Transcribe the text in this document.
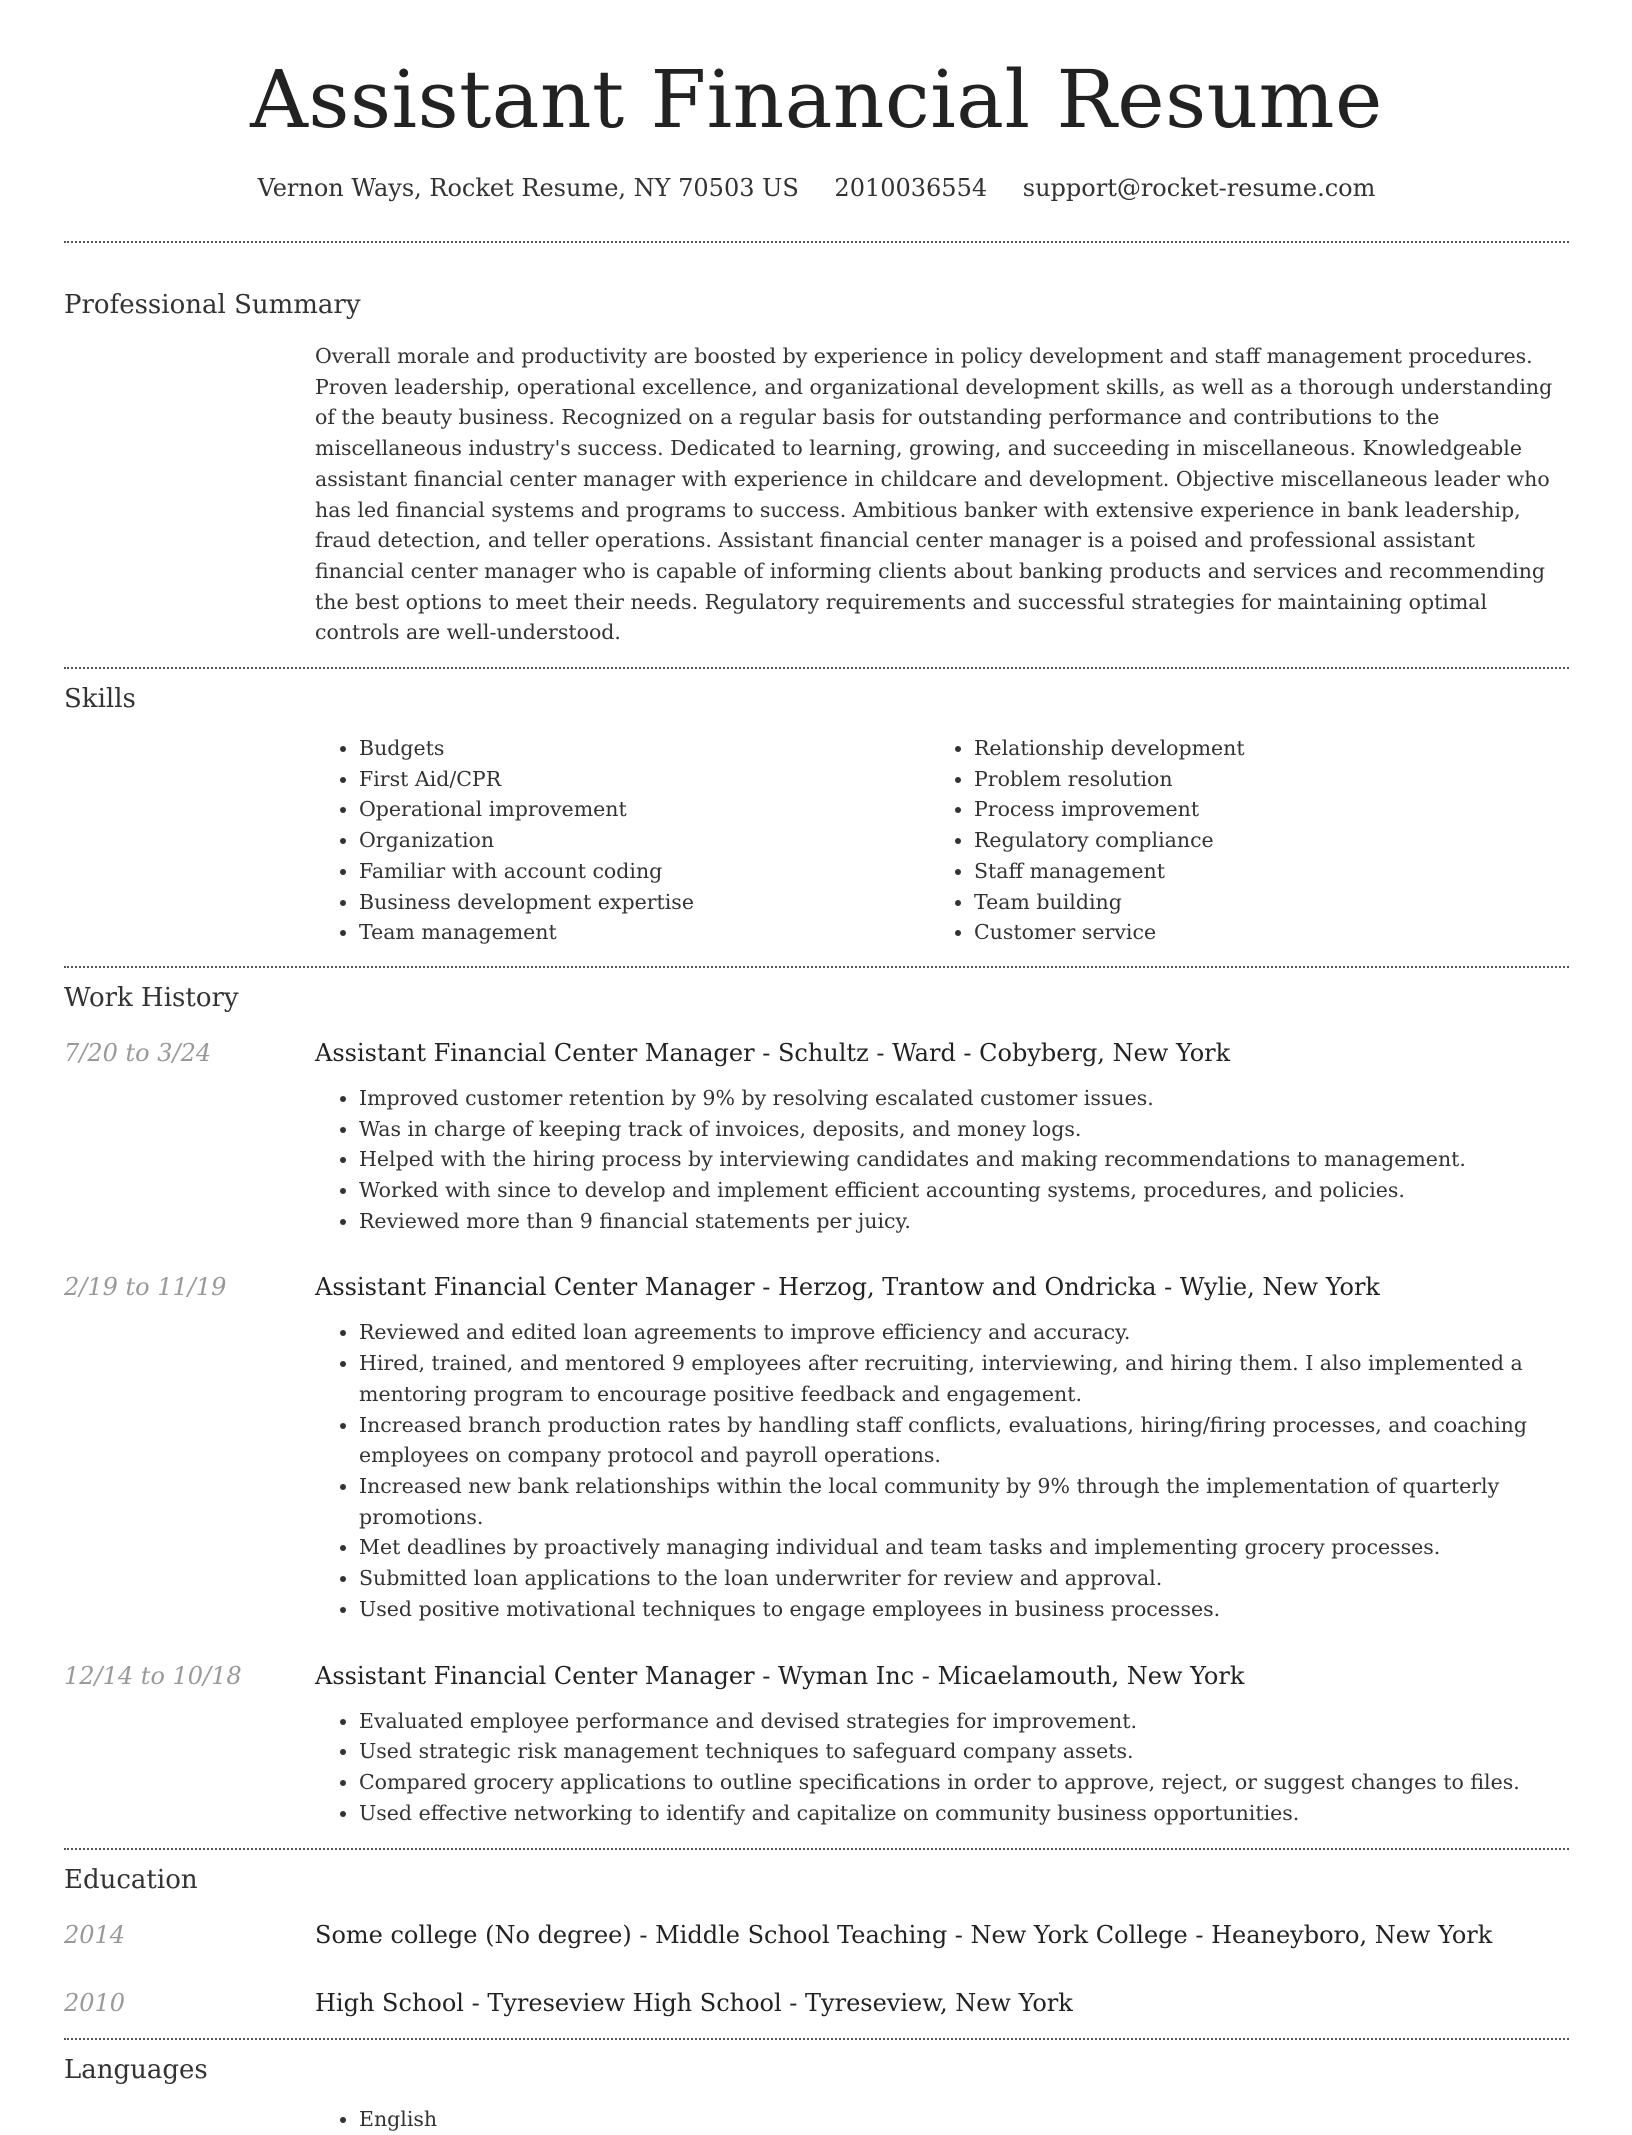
Assistant Financial Resume
Vernon Ways, Rocket Resume, NY 70503 US 2010036554 support@rocket-resume.com
Professional Summary

Overall morale and productivity are boosted by experience in policy development and staff management procedures. Proven leadership, operational excellence, and organizational development skills, as well as a thorough understanding of the beauty business. Recognized on a regular basis for outstanding performance and contributions to the miscellaneous industry's success. Dedicated to learning, growing, and succeeding in miscellaneous. Knowledgeable assistant financial center manager with experience in childcare and development. Objective miscellaneous leader who has led financial systems and programs to success. Ambitious banker with extensive experience in bank leadership, fraud detection, and teller operations. Assistant financial center manager is a poised and professional assistant financial center manager who is capable of informing clients about banking products and services and recommending the best options to meet their needs. Regulatory requirements and successful strategies for maintaining optimal controls are well-understood.

Skills
• Budgets
• First Aid/CPR
• Operational improvement
• Organization
• Familiar with account coding
• Business development expertise
• Team management
• Relationship development
• Problem resolution
• Process improvement
• Regulatory compliance
• Staff management
• Team building
• Customer service
Work History
7/20 to 3/24	Assistant Financial Center Manager - Schultz - Ward - Cobyberg, New York
• Improved customer retention by 9% by resolving escalated customer issues.
• Was in charge of keeping track of invoices, deposits, and money logs.
• Helped with the hiring process by interviewing candidates and making recommendations to management.
• Worked with since to develop and implement efficient accounting systems, procedures, and policies.
• Reviewed more than 9 financial statements per juicy.
2/19 to 11/19	Assistant Financial Center Manager - Herzog, Trantow and Ondricka - Wylie, New York
• Reviewed and edited loan agreements to improve efficiency and accuracy.
• Hired, trained, and mentored 9 employees after recruiting, interviewing, and hiring them. I also implemented a mentoring program to encourage positive feedback and engagement.
• Increased branch production rates by handling staff conflicts, evaluations, hiring/firing processes, and coaching employees on company protocol and payroll operations.
• Increased new bank relationships within the local community by 9% through the implementation of quarterly promotions.
• Met deadlines by proactively managing individual and team tasks and implementing grocery processes.
• Submitted loan applications to the loan underwriter for review and approval.
• Used positive motivational techniques to engage employees in business processes.
12/14 to 10/18	Assistant Financial Center Manager - Wyman Inc - Micaelamouth, New York
• Evaluated employee performance and devised strategies for improvement.
• Used strategic risk management techniques to safeguard company assets.
• Compared grocery applications to outline specifications in order to approve, reject, or suggest changes to files.
• Used effective networking to identify and capitalize on community business opportunities.
Education
2014	Some college (No degree) - Middle School Teaching - New York College - Heaneyboro, New York
2010	High School - Tyreseview High School - Tyreseview, New York
Languages
• English
